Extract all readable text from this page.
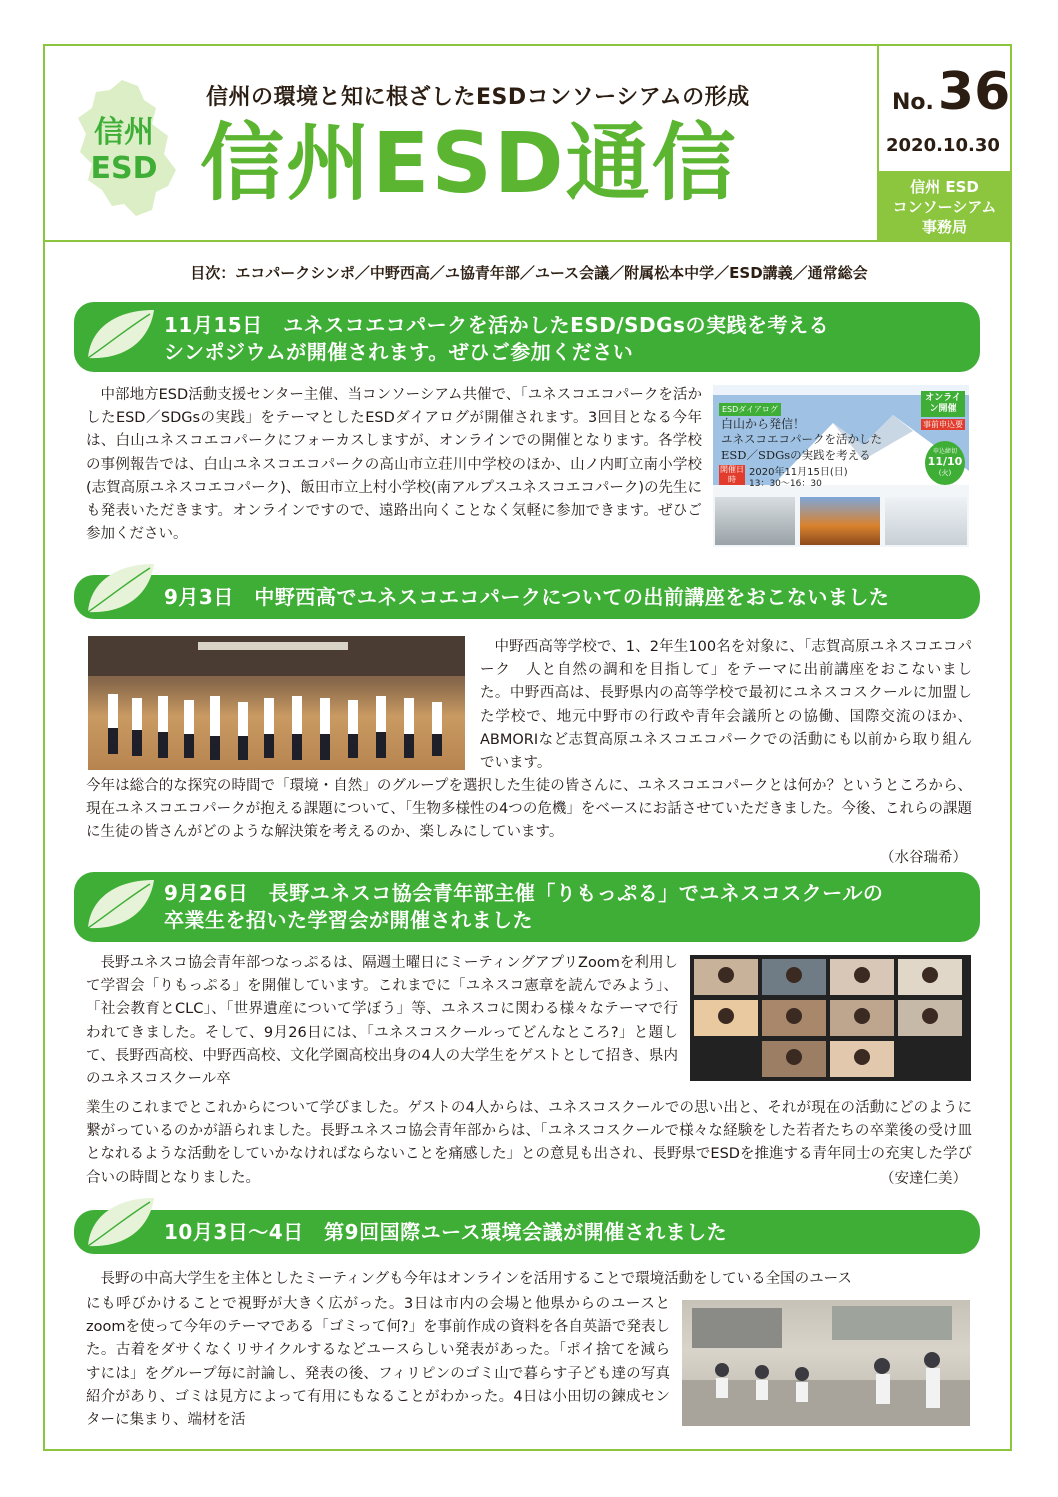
信州
ESD
信州の環境と知に根ざしたESDコンソーシアムの形成
信州ESD通信
No.36
2020.10.30
信州 ESD
コンソーシアム
事務局
目次：エコパークシンポ／中野西高／ユ協青年部／ユース会議／附属松本中学／ESD講義／通常総会
11月15日　ユネスコエコパークを活かしたESD/SDGsの実践を考える
シンポジウムが開催されます。ぜひご参加ください

中部地方ESD活動支援センター主催、当コンソーシアム共催で、「ユネスコエコパークを活かしたESD／SDGsの実践」をテーマとしたESDダイアログが開催されます。3回目となる今年は、白山ユネスコエコパークにフォーカスしますが、オンラインでの開催となります。各学校の事例報告では、白山ユネスコエコパークの高山市立荘川中学校のほか、山ノ内町立南小学校(志賀高原ユネスコエコパーク)、飯田市立上村小学校(南アルプスユネスコエコパーク)の先生にも発表いただきます。オンラインですので、遠路出向くことなく気軽に参加できます。ぜひご参加ください。

ESDダイアログ
オンライン開催
事前申込要
白山から発信！
ユネスコエコパークを活かした
ESD／SDGsの実践を考える
開催日時
2020年11月15日(日)
13：30～16：30
申込締切
11/10
(火)
9月3日　中野西高でユネスコエコパークについての出前講座をおこないました

中野西高等学校で、1、2年生100名を対象に、「志賀高原ユネスコエコパーク　人と自然の調和を目指して」をテーマに出前講座をおこないました。中野西高は、長野県内の高等学校で最初にユネスコスクールに加盟した学校で、地元中野市の行政や青年会議所との協働、国際交流のほか、ABMORIなど志賀高原ユネスコエコパークでの活動にも以前から取り組んでいます。

今年は総合的な探究の時間で「環境・自然」のグループを選択した生徒の皆さんに、ユネスコエコパークとは何か？というところから、現在ユネスコエコパークが抱える課題について、「生物多様性の4つの危機」をベースにお話させていただきました。今後、これらの課題に生徒の皆さんがどのような解決策を考えるのか、楽しみにしています。

（水谷瑞希）
9月26日　長野ユネスコ協会青年部主催「りもっぷる」でユネスコスクールの
卒業生を招いた学習会が開催されました

長野ユネスコ協会青年部つなっぷるは、隔週土曜日にミーティングアプリZoomを利用して学習会「りもっぷる」を開催しています。これまでに「ユネスコ憲章を読んでみよう」、「社会教育とCLC」、「世界遺産について学ぼう」等、ユネスコに関わる様々なテーマで行われてきました。そして、9月26日には、「ユネスコスクールってどんなところ?」と題して、長野西高校、中野西高校、文化学園高校出身の4人の大学生をゲストとして招き、県内のユネスコスクール卒

業生のこれまでとこれからについて学びました。ゲストの4人からは、ユネスコスクールでの思い出と、それが現在の活動にどのように繋がっているのかが語られました。長野ユネスコ協会青年部からは、「ユネスコスクールで様々な経験をした若者たちの卒業後の受け皿となれるような活動をしていかなければならないことを痛感した」との意見も出され、長野県でESDを推進する青年同士の充実した学び合いの時間となりました。	（安達仁美）
10月3日～4日　第9回国際ユース環境会議が開催されました

長野の中高大学生を主体としたミーティングも今年はオンラインを活用することで環境活動をしている全国のユース

にも呼びかけることで視野が大きく広がった。3日は市内の会場と他県からのユースとzoomを使って今年のテーマである「ゴミって何?」を事前作成の資料を各自英語で発表した。古着をダサくなくリサイクルするなどユースらしい発表があった。「ポイ捨てを減らすには」をグループ毎に討論し、発表の後、フィリピンのゴミ山で暮らす子ども達の写真紹介があり、ゴミは見方によって有用にもなることがわかった。4日は小田切の鍊成センターに集まり、端材を活
